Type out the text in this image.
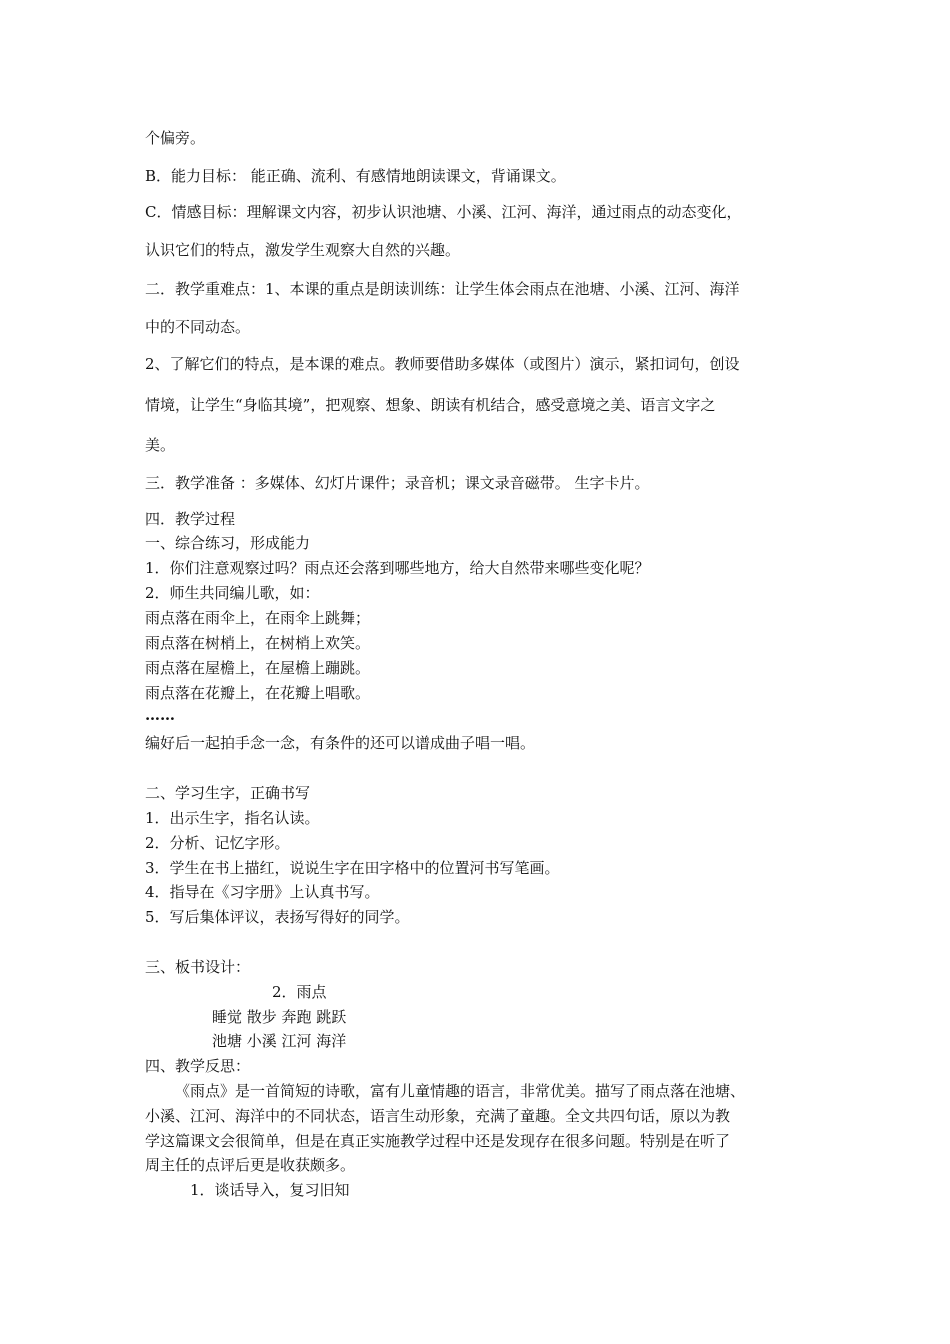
个偏旁。
B．能力目标： 能正确、流利、有感情地朗读课文，背诵课文。
C．情感目标：理解课文内容，初步认识池塘、小溪、江河、海洋，通过雨点的动态变化，
认识它们的特点，激发学生观察大自然的兴趣。
二．教学重难点：1、本课的重点是朗读训练：让学生体会雨点在池塘、小溪、江河、海洋
中的不同动态。
2、了解它们的特点，是本课的难点。教师要借助多媒体（或图片）演示，紧扣词句，创设
情境，让学生“身临其境”，把观察、想象、朗读有机结合，感受意境之美、语言文字之
美。
三．教学准备 ：多媒体、幻灯片课件；录音机；课文录音磁带。 生字卡片。
四．教学过程
一、综合练习，形成能力
1．你们注意观察过吗？雨点还会落到哪些地方，给大自然带来哪些变化呢？
2．师生共同编儿歌，如：
雨点落在雨伞上，在雨伞上跳舞；
雨点落在树梢上，在树梢上欢笑。
雨点落在屋檐上，在屋檐上蹦跳。
雨点落在花瓣上，在花瓣上唱歌。
……
编好后一起拍手念一念，有条件的还可以谱成曲子唱一唱。
二、学习生字，正确书写
1．出示生字，指名认读。
2．分析、记忆字形。
3．学生在书上描红，说说生字在田字格中的位置河书写笔画。
4．指导在《习字册》上认真书写。
5．写后集体评议，表扬写得好的同学。
三、板书设计：
2．雨点
睡觉 散步 奔跑 跳跃
池塘 小溪 江河 海洋
四、教学反思：
《雨点》是一首简短的诗歌，富有儿童情趣的语言，非常优美。描写了雨点落在池塘、
小溪、江河、海洋中的不同状态，语言生动形象，充满了童趣。全文共四句话，原以为教
学这篇课文会很简单，但是在真正实施教学过程中还是发现存在很多问题。特别是在听了
周主任的点评后更是收获颇多。
1．谈话导入，复习旧知
